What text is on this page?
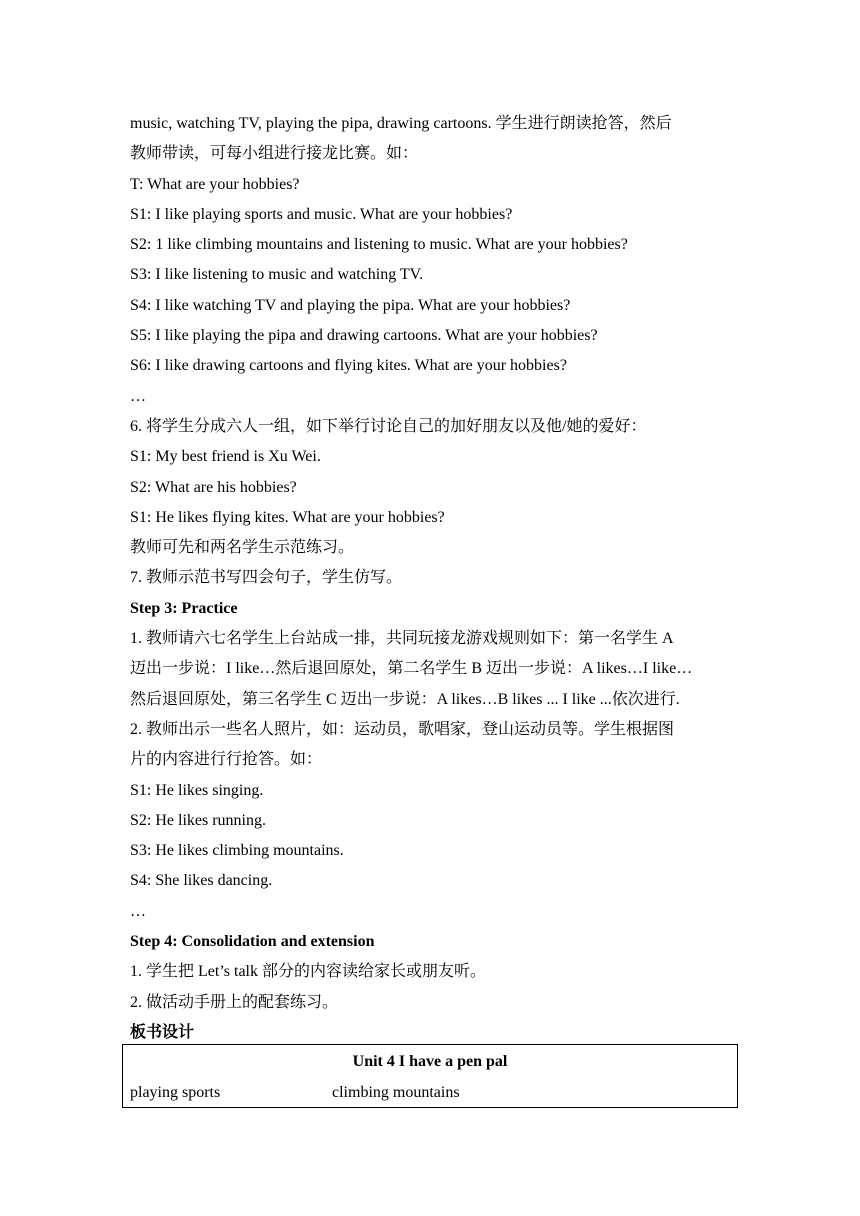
music, watching TV, playing the pipa, drawing cartoons. 学生进行朗读抢答，然后
教师带读，可每小组进行接龙比赛。如：
T: What are your hobbies?
S1: I like playing sports and music. What are your hobbies?
S2: 1 like climbing mountains and listening to music. What are your hobbies?
S3: I like listening to music and watching TV.
S4: I like watching TV and playing the pipa. What are your hobbies?
S5: I like playing the pipa and drawing cartoons. What are your hobbies?
S6: I like drawing cartoons and flying kites. What are your hobbies?
…
6. 将学生分成六人一组，如下举行讨论自己的加好朋友以及他/她的爱好：
S1: My best friend is Xu Wei.
S2: What are his hobbies?
S1: He likes flying kites. What are your hobbies?
教师可先和两名学生示范练习。
7. 教师示范书写四会句子，学生仿写。
Step 3: Practice
1. 教师请六七名学生上台站成一排，共同玩接龙游戏规则如下：第一名学生 A
迈出一步说：I like…然后退回原处，第二名学生 B 迈出一步说：A likes…I like…
然后退回原处，第三名学生 C 迈出一步说：A likes…B likes ... I like ...依次进行.
2. 教师出示一些名人照片，如：运动员，歌唱家，登山运动员等。学生根据图
片的内容进行行抢答。如：
S1: He likes singing.
S2: He likes running.
S3: He likes climbing mountains.
S4: She likes dancing.
…
Step 4: Consolidation and extension
1. 学生把 Let’s talk 部分的内容读给家长或朋友听。
2. 做活动手册上的配套练习。
板书设计
Unit 4 I have a pen pal
playing sports	climbing mountains
